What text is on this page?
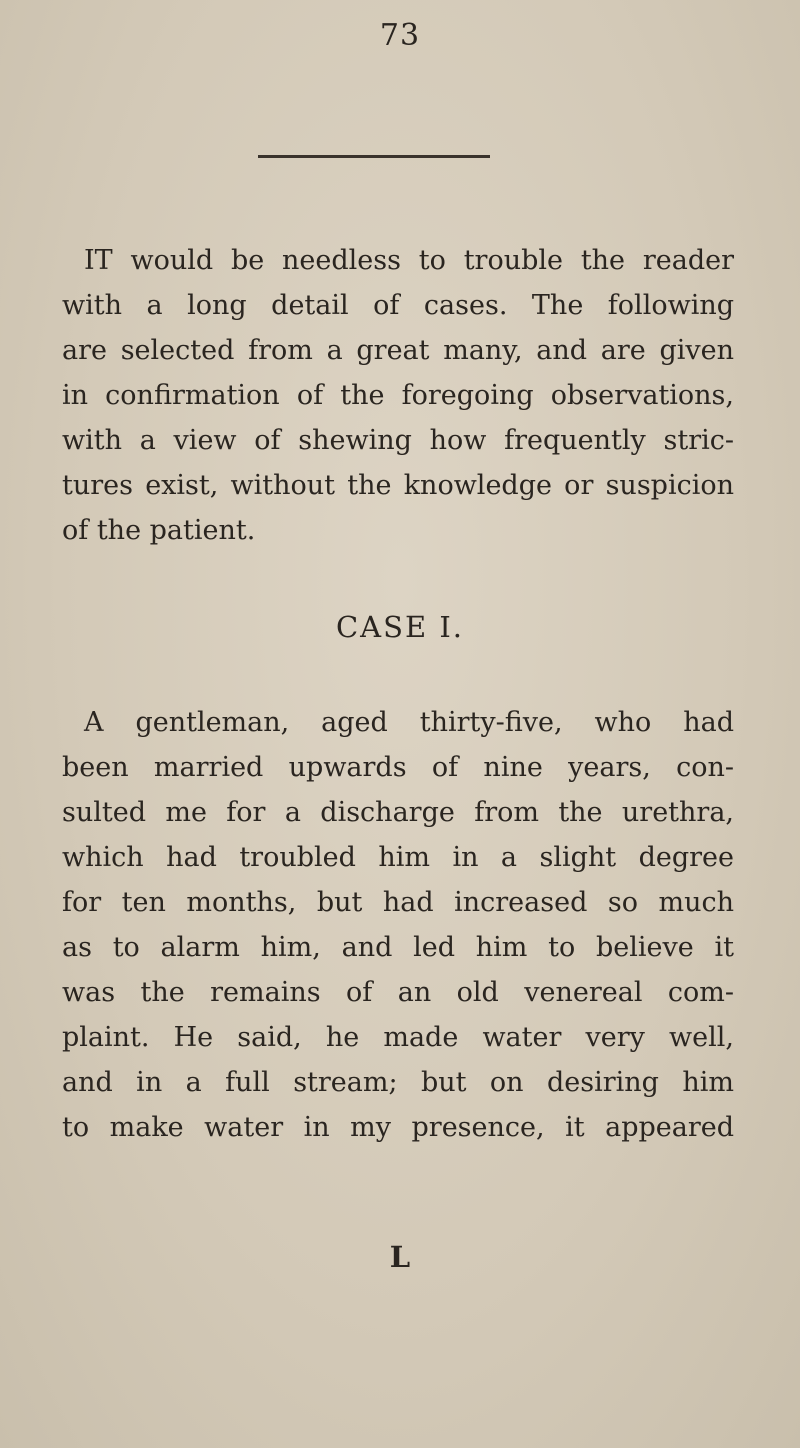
73

IT would be needless to trouble the reader
with a long detail of cases. The following
are selected from a great many, and are given
in confirmation of the foregoing observations,
with a view of shewing how frequently stric-
tures exist, without the knowledge or suspicion
of the patient.

CASE I.

A gentleman, aged thirty-five, who had
been married upwards of nine years, con-
sulted me for a discharge from the urethra,
which had troubled him in a slight degree
for ten months, but had increased so much
as to alarm him, and led him to believe it
was the remains of an old venereal com-
plaint. He said, he made water very well,
and in a full stream; but on desiring him
to make water in my presence, it appeared

L
